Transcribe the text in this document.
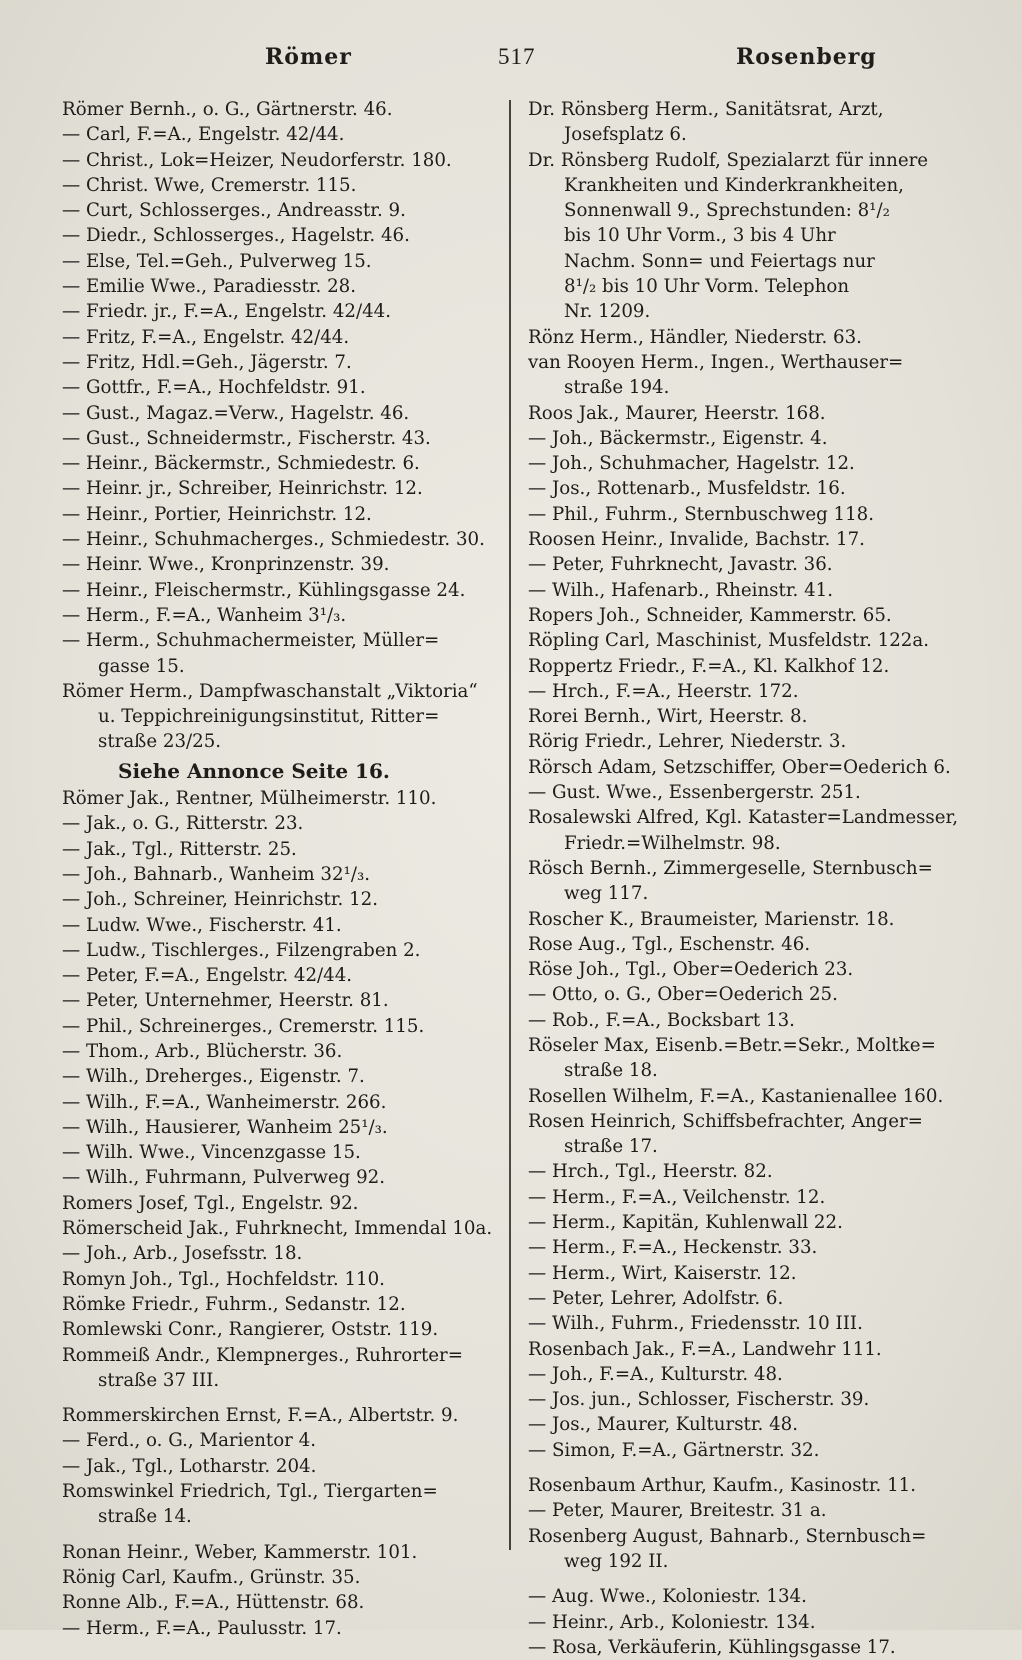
Römer	517	Rosenberg

Römer Bernh., o. G., Gärtnerstr. 46.

— Carl, F.=A., Engelstr. 42/44.

— Christ., Lok=Heizer, Neudorferstr. 180.

— Christ. Wwe, Cremerstr. 115.

— Curt, Schlosserges., Andreasstr. 9.

— Diedr., Schlosserges., Hagelstr. 46.

— Else, Tel.=Geh., Pulverweg 15.

— Emilie Wwe., Paradiesstr. 28.

— Friedr. jr., F.=A., Engelstr. 42/44.

— Fritz, F.=A., Engelstr. 42/44.

— Fritz, Hdl.=Geh., Jägerstr. 7.

— Gottfr., F.=A., Hochfeldstr. 91.

— Gust., Magaz.=Verw., Hagelstr. 46.

— Gust., Schneidermstr., Fischerstr. 43.

— Heinr., Bäckermstr., Schmiedestr. 6.

— Heinr. jr., Schreiber, Heinrichstr. 12.

— Heinr., Portier, Heinrichstr. 12.

— Heinr., Schuhmacherges., Schmiedestr. 30.

— Heinr. Wwe., Kronprinzenstr. 39.

— Heinr., Fleischermstr., Kühlingsgasse 24.

— Herm., F.=A., Wanheim 3¹/₃.

— Herm., Schuhmachermeister, Müller=

gasse 15.

Römer Herm., Dampfwaschanstalt „Viktoria“

u. Teppichreinigungsinstitut, Ritter=

straße 23/25.

Siehe Annonce Seite 16.

Römer Jak., Rentner, Mülheimerstr. 110.

— Jak., o. G., Ritterstr. 23.

— Jak., Tgl., Ritterstr. 25.

— Joh., Bahnarb., Wanheim 32¹/₃.

— Joh., Schreiner, Heinrichstr. 12.

— Ludw. Wwe., Fischerstr. 41.

— Ludw., Tischlerges., Filzengraben 2.

— Peter, F.=A., Engelstr. 42/44.

— Peter, Unternehmer, Heerstr. 81.

— Phil., Schreinerges., Cremerstr. 115.

— Thom., Arb., Blücherstr. 36.

— Wilh., Dreherges., Eigenstr. 7.

— Wilh., F.=A., Wanheimerstr. 266.

— Wilh., Hausierer, Wanheim 25¹/₃.

— Wilh. Wwe., Vincenzgasse 15.

— Wilh., Fuhrmann, Pulverweg 92.

Romers Josef, Tgl., Engelstr. 92.

Römerscheid Jak., Fuhrknecht, Immendal 10a.

— Joh., Arb., Josefsstr. 18.

Romyn Joh., Tgl., Hochfeldstr. 110.

Römke Friedr., Fuhrm., Sedanstr. 12.

Romlewski Conr., Rangierer, Oststr. 119.

Rommeiß Andr., Klempnerges., Ruhrorter=

straße 37 III.

Rommerskirchen Ernst, F.=A., Albertstr. 9.

— Ferd., o. G., Marientor 4.

— Jak., Tgl., Lotharstr. 204.

Romswinkel Friedrich, Tgl., Tiergarten=

straße 14.

Ronan Heinr., Weber, Kammerstr. 101.

Rönig Carl, Kaufm., Grünstr. 35.

Ronne Alb., F.=A., Hüttenstr. 68.

— Herm., F.=A., Paulusstr. 17.

Dr. Rönsberg Herm., Sanitätsrat, Arzt,

Josefsplatz 6.

Dr. Rönsberg Rudolf, Spezialarzt für innere

Krankheiten und Kinderkrankheiten,

Sonnenwall 9., Sprechstunden: 8¹/₂

bis 10 Uhr Vorm., 3 bis 4 Uhr

Nachm. Sonn= und Feiertags nur

8¹/₂ bis 10 Uhr Vorm. Telephon

Nr. 1209.

Rönz Herm., Händler, Niederstr. 63.

van Rooyen Herm., Ingen., Werthauser=

straße 194.

Roos Jak., Maurer, Heerstr. 168.

— Joh., Bäckermstr., Eigenstr. 4.

— Joh., Schuhmacher, Hagelstr. 12.

— Jos., Rottenarb., Musfeldstr. 16.

— Phil., Fuhrm., Sternbuschweg 118.

Roosen Heinr., Invalide, Bachstr. 17.

— Peter, Fuhrknecht, Javastr. 36.

— Wilh., Hafenarb., Rheinstr. 41.

Ropers Joh., Schneider, Kammerstr. 65.

Röpling Carl, Maschinist, Musfeldstr. 122a.

Roppertz Friedr., F.=A., Kl. Kalkhof 12.

— Hrch., F.=A., Heerstr. 172.

Rorei Bernh., Wirt, Heerstr. 8.

Rörig Friedr., Lehrer, Niederstr. 3.

Rörsch Adam, Setzschiffer, Ober=Oederich 6.

— Gust. Wwe., Essenbergerstr. 251.

Rosalewski Alfred, Kgl. Kataster=Landmesser,

Friedr.=Wilhelmstr. 98.

Rösch Bernh., Zimmergeselle, Sternbusch=

weg 117.

Roscher K., Braumeister, Marienstr. 18.

Rose Aug., Tgl., Eschenstr. 46.

Röse Joh., Tgl., Ober=Oederich 23.

— Otto, o. G., Ober=Oederich 25.

— Rob., F.=A., Bocksbart 13.

Röseler Max, Eisenb.=Betr.=Sekr., Moltke=

straße 18.

Rosellen Wilhelm, F.=A., Kastanienallee 160.

Rosen Heinrich, Schiffsbefrachter, Anger=

straße 17.

— Hrch., Tgl., Heerstr. 82.

— Herm., F.=A., Veilchenstr. 12.

— Herm., Kapitän, Kuhlenwall 22.

— Herm., F.=A., Heckenstr. 33.

— Herm., Wirt, Kaiserstr. 12.

— Peter, Lehrer, Adolfstr. 6.

— Wilh., Fuhrm., Friedensstr. 10 III.

Rosenbach Jak., F.=A., Landwehr 111.

— Joh., F.=A., Kulturstr. 48.

— Jos. jun., Schlosser, Fischerstr. 39.

— Jos., Maurer, Kulturstr. 48.

— Simon, F.=A., Gärtnerstr. 32.

Rosenbaum Arthur, Kaufm., Kasinostr. 11.

— Peter, Maurer, Breitestr. 31 a.

Rosenberg August, Bahnarb., Sternbusch=

weg 192 II.

— Aug. Wwe., Koloniestr. 134.

— Heinr., Arb., Koloniestr. 134.

— Rosa, Verkäuferin, Kühlingsgasse 17.
